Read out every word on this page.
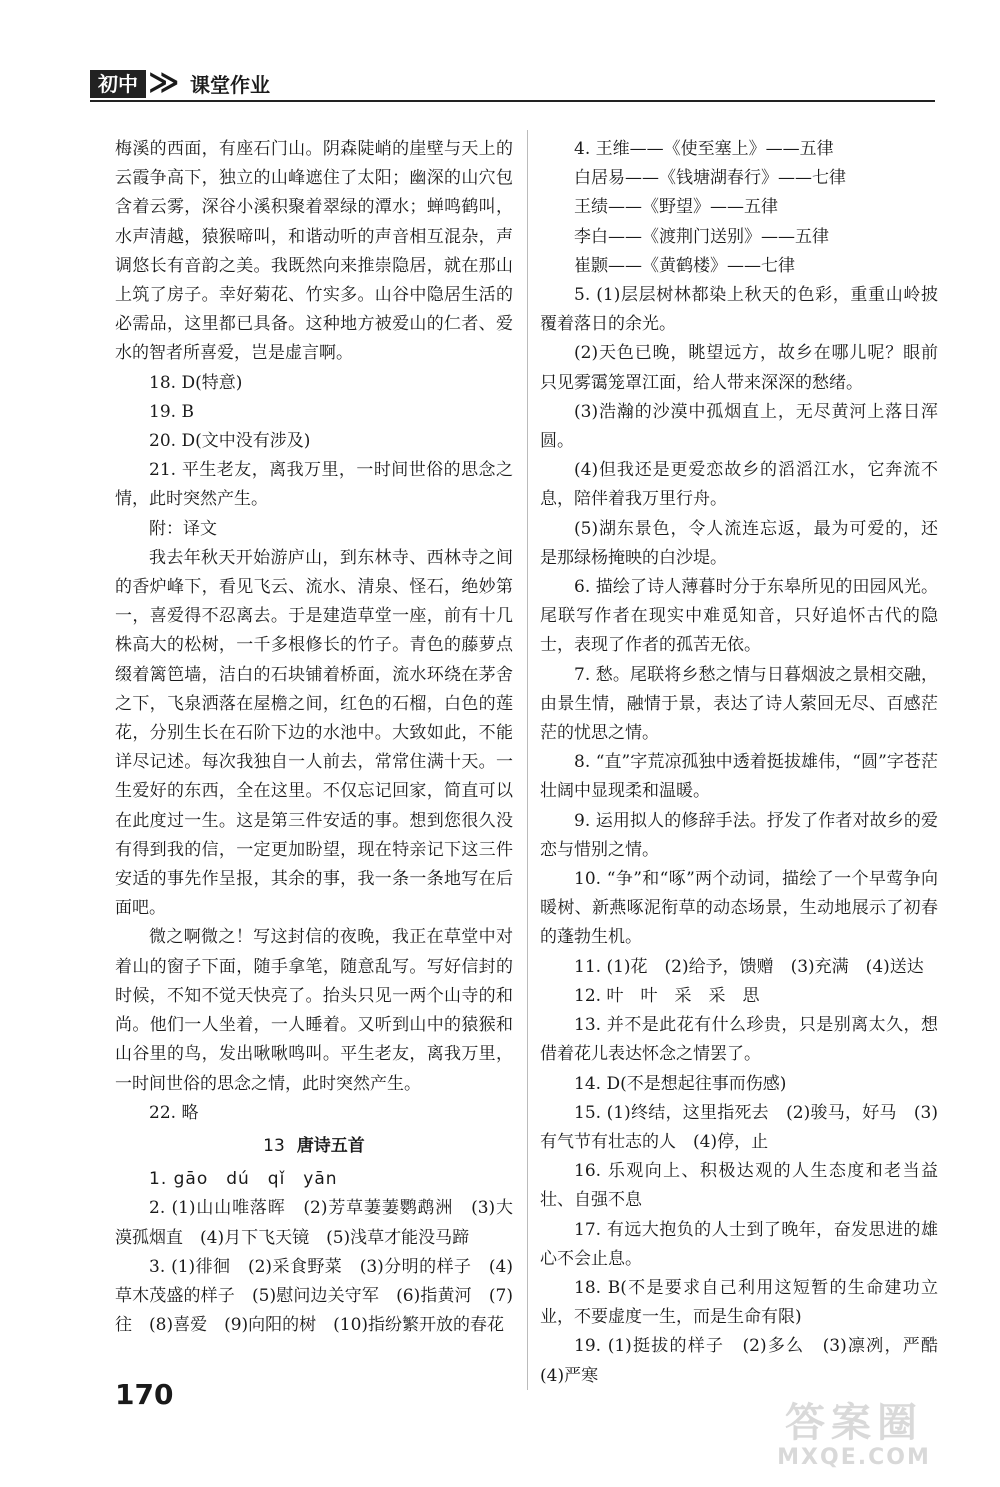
初中 ≫ 课堂作业

梅溪的西面，有座石门山。阴森陡峭的崖壁与天上的云霞争高下，独立的山峰遮住了太阳；幽深的山穴包含着云雾，深谷小溪积聚着翠绿的潭水；蝉鸣鹤叫，水声清越，猿猴啼叫，和谐动听的声音相互混杂，声调悠长有音韵之美。我既然向来推崇隐居，就在那山上筑了房子。幸好菊花、竹实多。山谷中隐居生活的必需品，这里都已具备。这种地方被爱山的仁者、爱水的智者所喜爱，岂是虚言啊。

18. D(特意)

19. B

20. D(文中没有涉及)

21. 平生老友，离我万里，一时间世俗的思念之情，此时突然产生。

附：译文

我去年秋天开始游庐山，到东林寺、西林寺之间的香炉峰下，看见飞云、流水、清泉、怪石，绝妙第一，喜爱得不忍离去。于是建造草堂一座，前有十几株高大的松树，一千多根修长的竹子。青色的藤萝点缀着篱笆墙，洁白的石块铺着桥面，流水环绕在茅舍之下，飞泉洒落在屋檐之间，红色的石榴，白色的莲花，分别生长在石阶下边的水池中。大致如此，不能详尽记述。每次我独自一人前去，常常住满十天。一生爱好的东西，全在这里。不仅忘记回家，简直可以在此度过一生。这是第三件安适的事。想到您很久没有得到我的信，一定更加盼望，现在特亲记下这三件安适的事先作呈报，其余的事，我一条一条地写在后面吧。

微之啊微之！写这封信的夜晚，我正在草堂中对着山的窗子下面，随手拿笔，随意乱写。写好信封的时候，不知不觉天快亮了。抬头只见一两个山寺的和尚。他们一人坐着，一人睡着。又听到山中的猿猴和山谷里的鸟，发出啾啾鸣叫。平生老友，离我万里，一时间世俗的思念之情，此时突然产生。

22. 略

13 唐诗五首

1. gāo　dú　qǐ　yān

2. (1)山山唯落晖　(2)芳草萋萋鹦鹉洲　(3)大漠孤烟直　(4)月下飞天镜　(5)浅草才能没马蹄

3. (1)徘徊　(2)采食野菜　(3)分明的样子　(4)草木茂盛的样子　(5)慰问边关守军　(6)指黄河　(7)往　(8)喜爱　(9)向阳的树　(10)指纷繁开放的春花

4. 王维——《使至塞上》——五律

白居易——《钱塘湖春行》——七律

王绩——《野望》——五律

李白——《渡荆门送别》——五律

崔颢——《黄鹤楼》——七律

5. (1)层层树林都染上秋天的色彩，重重山岭披覆着落日的余光。

(2)天色已晚，眺望远方，故乡在哪儿呢？眼前只见雾霭笼罩江面，给人带来深深的愁绪。

(3)浩瀚的沙漠中孤烟直上，无尽黄河上落日浑圆。

(4)但我还是更爱恋故乡的滔滔江水，它奔流不息，陪伴着我万里行舟。

(5)湖东景色，令人流连忘返，最为可爱的，还是那绿杨掩映的白沙堤。

6. 描绘了诗人薄暮时分于东皋所见的田园风光。尾联写作者在现实中难觅知音，只好追怀古代的隐士，表现了作者的孤苦无依。

7. 愁。尾联将乡愁之情与日暮烟波之景相交融，由景生情，融情于景，表达了诗人萦回无尽、百感茫茫的忧思之情。

8. “直”字荒凉孤独中透着挺拔雄伟，“圆”字苍茫壮阔中显现柔和温暖。

9. 运用拟人的修辞手法。抒发了作者对故乡的爱恋与惜别之情。

10. “争”和“啄”两个动词，描绘了一个早莺争向暖树、新燕啄泥衔草的动态场景，生动地展示了初春的蓬勃生机。

11. (1)花　(2)给予，馈赠　(3)充满　(4)送达

12. 叶　叶　采　采　思

13. 并不是此花有什么珍贵，只是别离太久，想借着花儿表达怀念之情罢了。

14. D(不是想起往事而伤感)

15. (1)终结，这里指死去　(2)骏马，好马　(3)有气节有壮志的人　(4)停，止

16. 乐观向上、积极达观的人生态度和老当益壮、自强不息

17. 有远大抱负的人士到了晚年，奋发思进的雄心不会止息。

18. B(不是要求自己利用这短暂的生命建功立业，不要虚度一生，而是生命有限)

19. (1)挺拔的样子　(2)多么　(3)凛冽，严酷　(4)严寒

170
答案圈
MXQE.COM
